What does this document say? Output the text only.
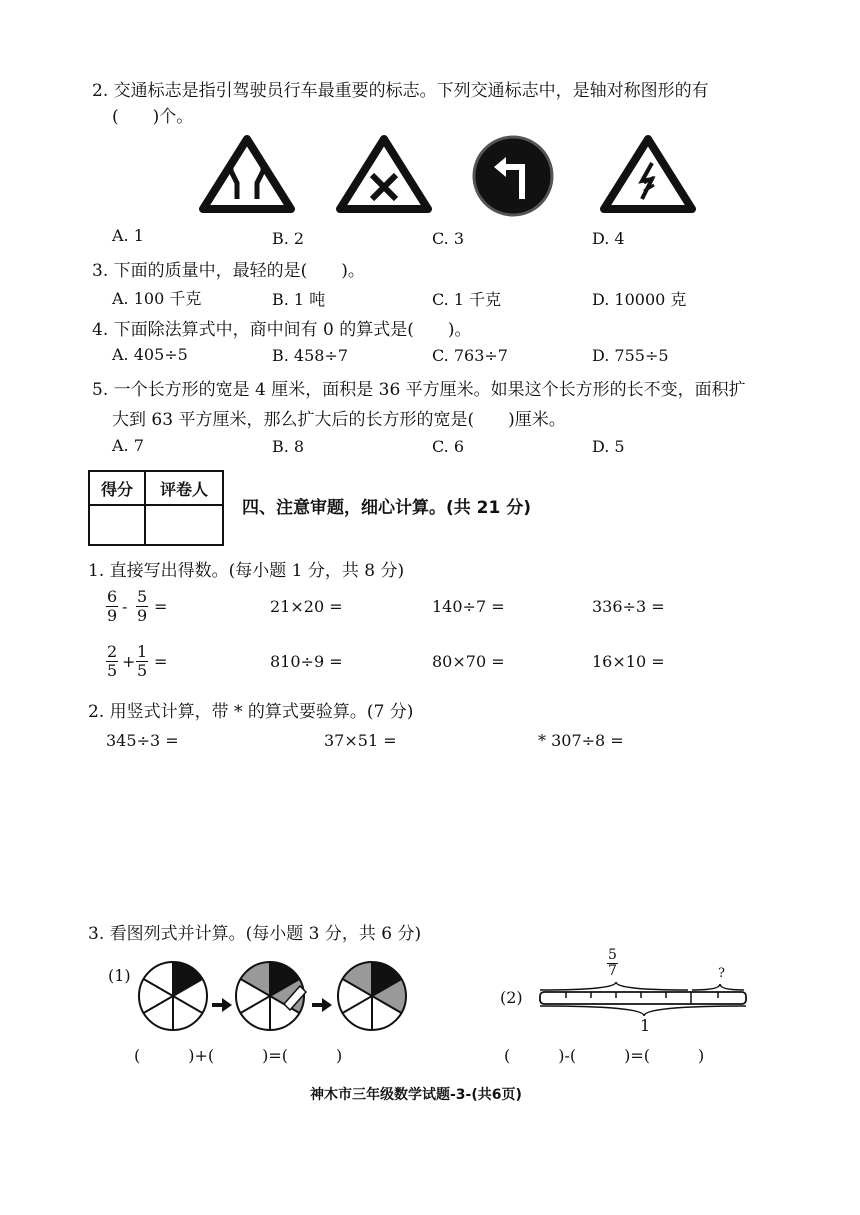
2. 交通标志是指引驾驶员行车最重要的标志。下列交通标志中，是轴对称图形的有
(　　)个。
A. 1	B. 2	C. 3	D. 4
3. 下面的质量中，最轻的是(　　)。
A. 100 千克	B. 1 吨	C. 1 千克	D. 10000 克
4. 下面除法算式中，商中间有 0 的算式是(　　)。
A. 405÷5	B. 458÷7	C. 763÷7	D. 755÷5
5. 一个长方形的宽是 4 厘米，面积是 36 平方厘米。如果这个长方形的长不变，面积扩
大到 63 平方厘米，那么扩大后的长方形的宽是(　　)厘米。
A. 7	B. 8	C. 6	D. 5
得分	评卷人

四、注意审题，细心计算。(共 21 分)
1. 直接写出得数。(每小题 1 分，共 8 分)
$\frac{6}{9} - \frac{5}{9}$ =	21×20 =	140÷7 =	336÷3 =
$\frac{2}{5} + \frac{1}{5}$ =	810÷9 =	80×70 =	16×10 =
2. 用竖式计算，带 * 的算式要验算。(7 分)
345÷3 =	37×51 =	* 307÷8 =
3. 看图列式并计算。(每小题 3 分，共 6 分)
(1)
(　　　)+(　　　)=(　　　)
(2)
$\frac{5}{7}$	?
1
(　　　)-(　　　)=(　　　)
神木市三年级数学试题-3-(共6页)
